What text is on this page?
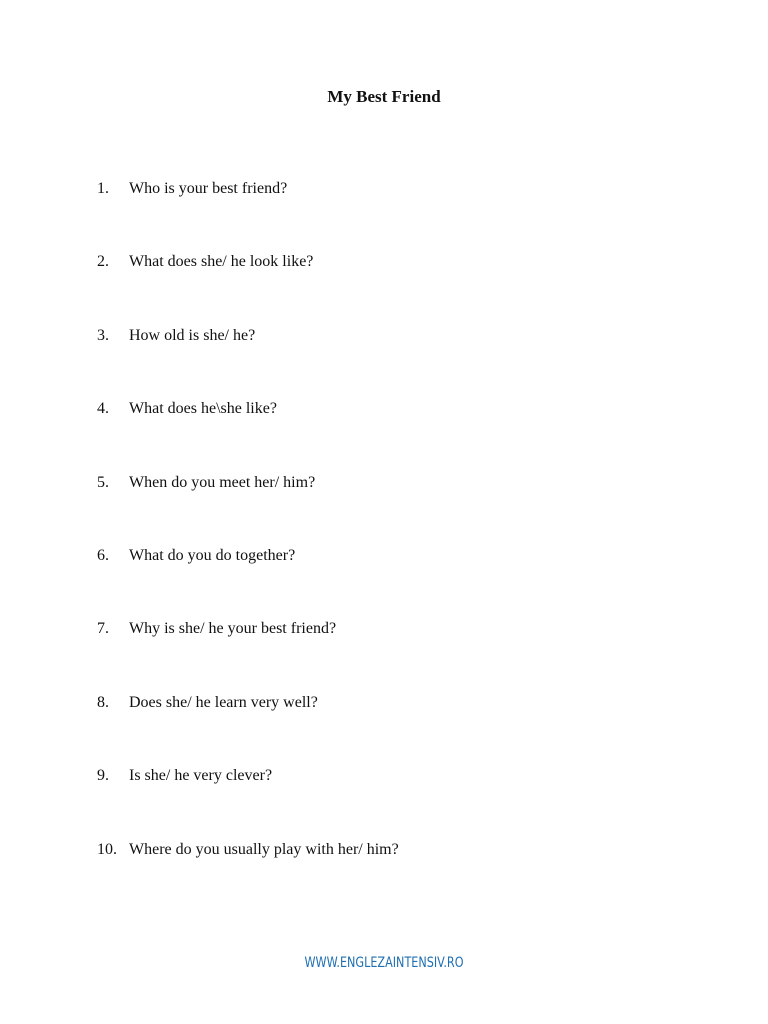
My Best Friend
1.	Who is your best friend?
2.	What does she/ he look like?
3.	How old is she/ he?
4.	What does he\she like?
5.	When do you meet her/ him?
6.	What do you do together?
7.	Why is she/ he your best friend?
8.	Does she/ he learn very well?
9.	Is she/ he very clever?
10. Where do you usually play with her/ him?
WWW.ENGLEZAINTENSIV.RO
